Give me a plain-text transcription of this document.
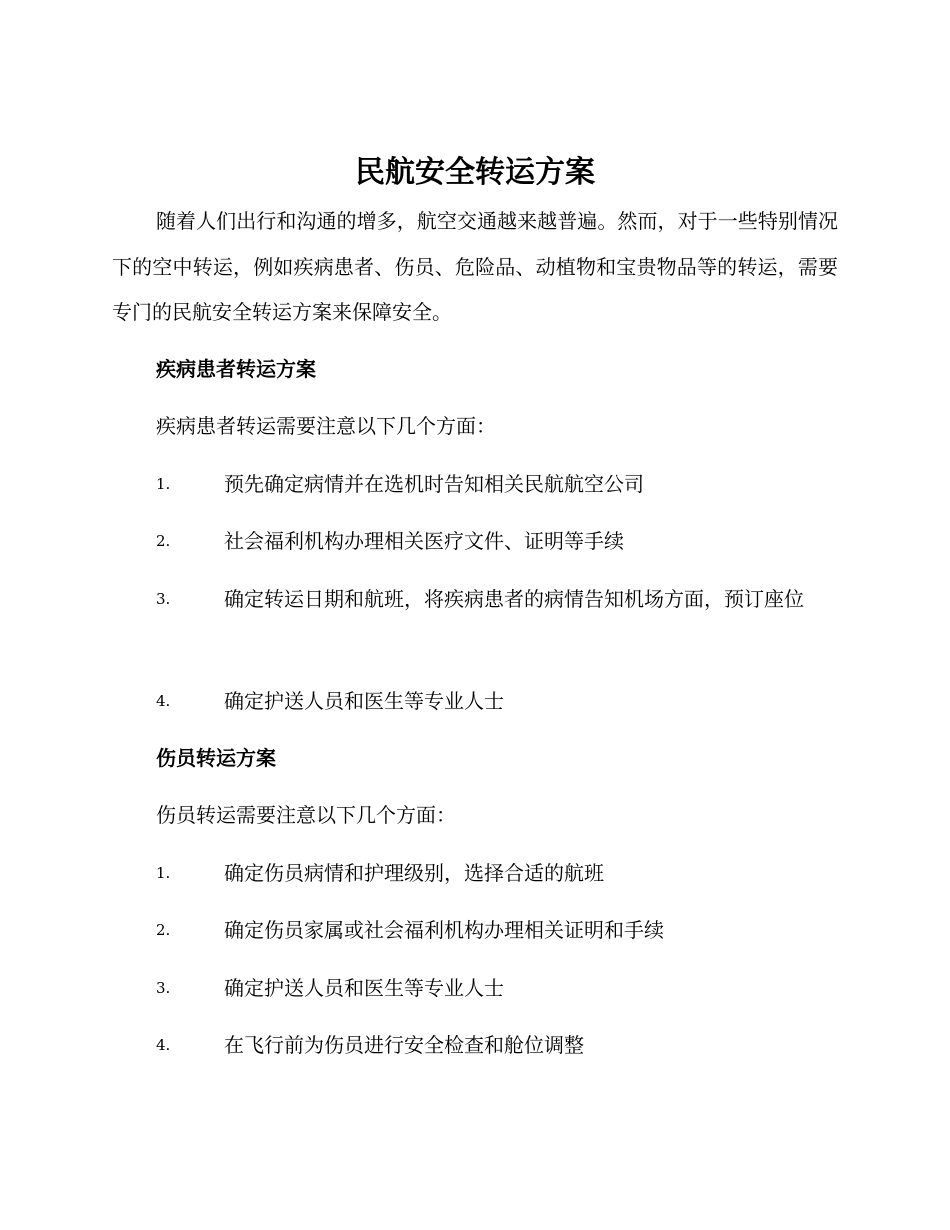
民航安全转运方案

随着人们出行和沟通的增多，航空交通越来越普遍。然而，对于一些特别情况下的空中转运，例如疾病患者、伤员、危险品、动植物和宝贵物品等的转运，需要专门的民航安全转运方案来保障安全。

疾病患者转运方案

疾病患者转运需要注意以下几个方面：

1.	预先确定病情并在选机时告知相关民航航空公司
2.	社会福利机构办理相关医疗文件、证明等手续
3.	确定转运日期和航班，将疾病患者的病情告知机场方面，预订座位
4.	确定护送人员和医生等专业人士
伤员转运方案

伤员转运需要注意以下几个方面：

1.	确定伤员病情和护理级别，选择合适的航班
2.	确定伤员家属或社会福利机构办理相关证明和手续
3.	确定护送人员和医生等专业人士
4.	在飞行前为伤员进行安全检查和舱位调整
